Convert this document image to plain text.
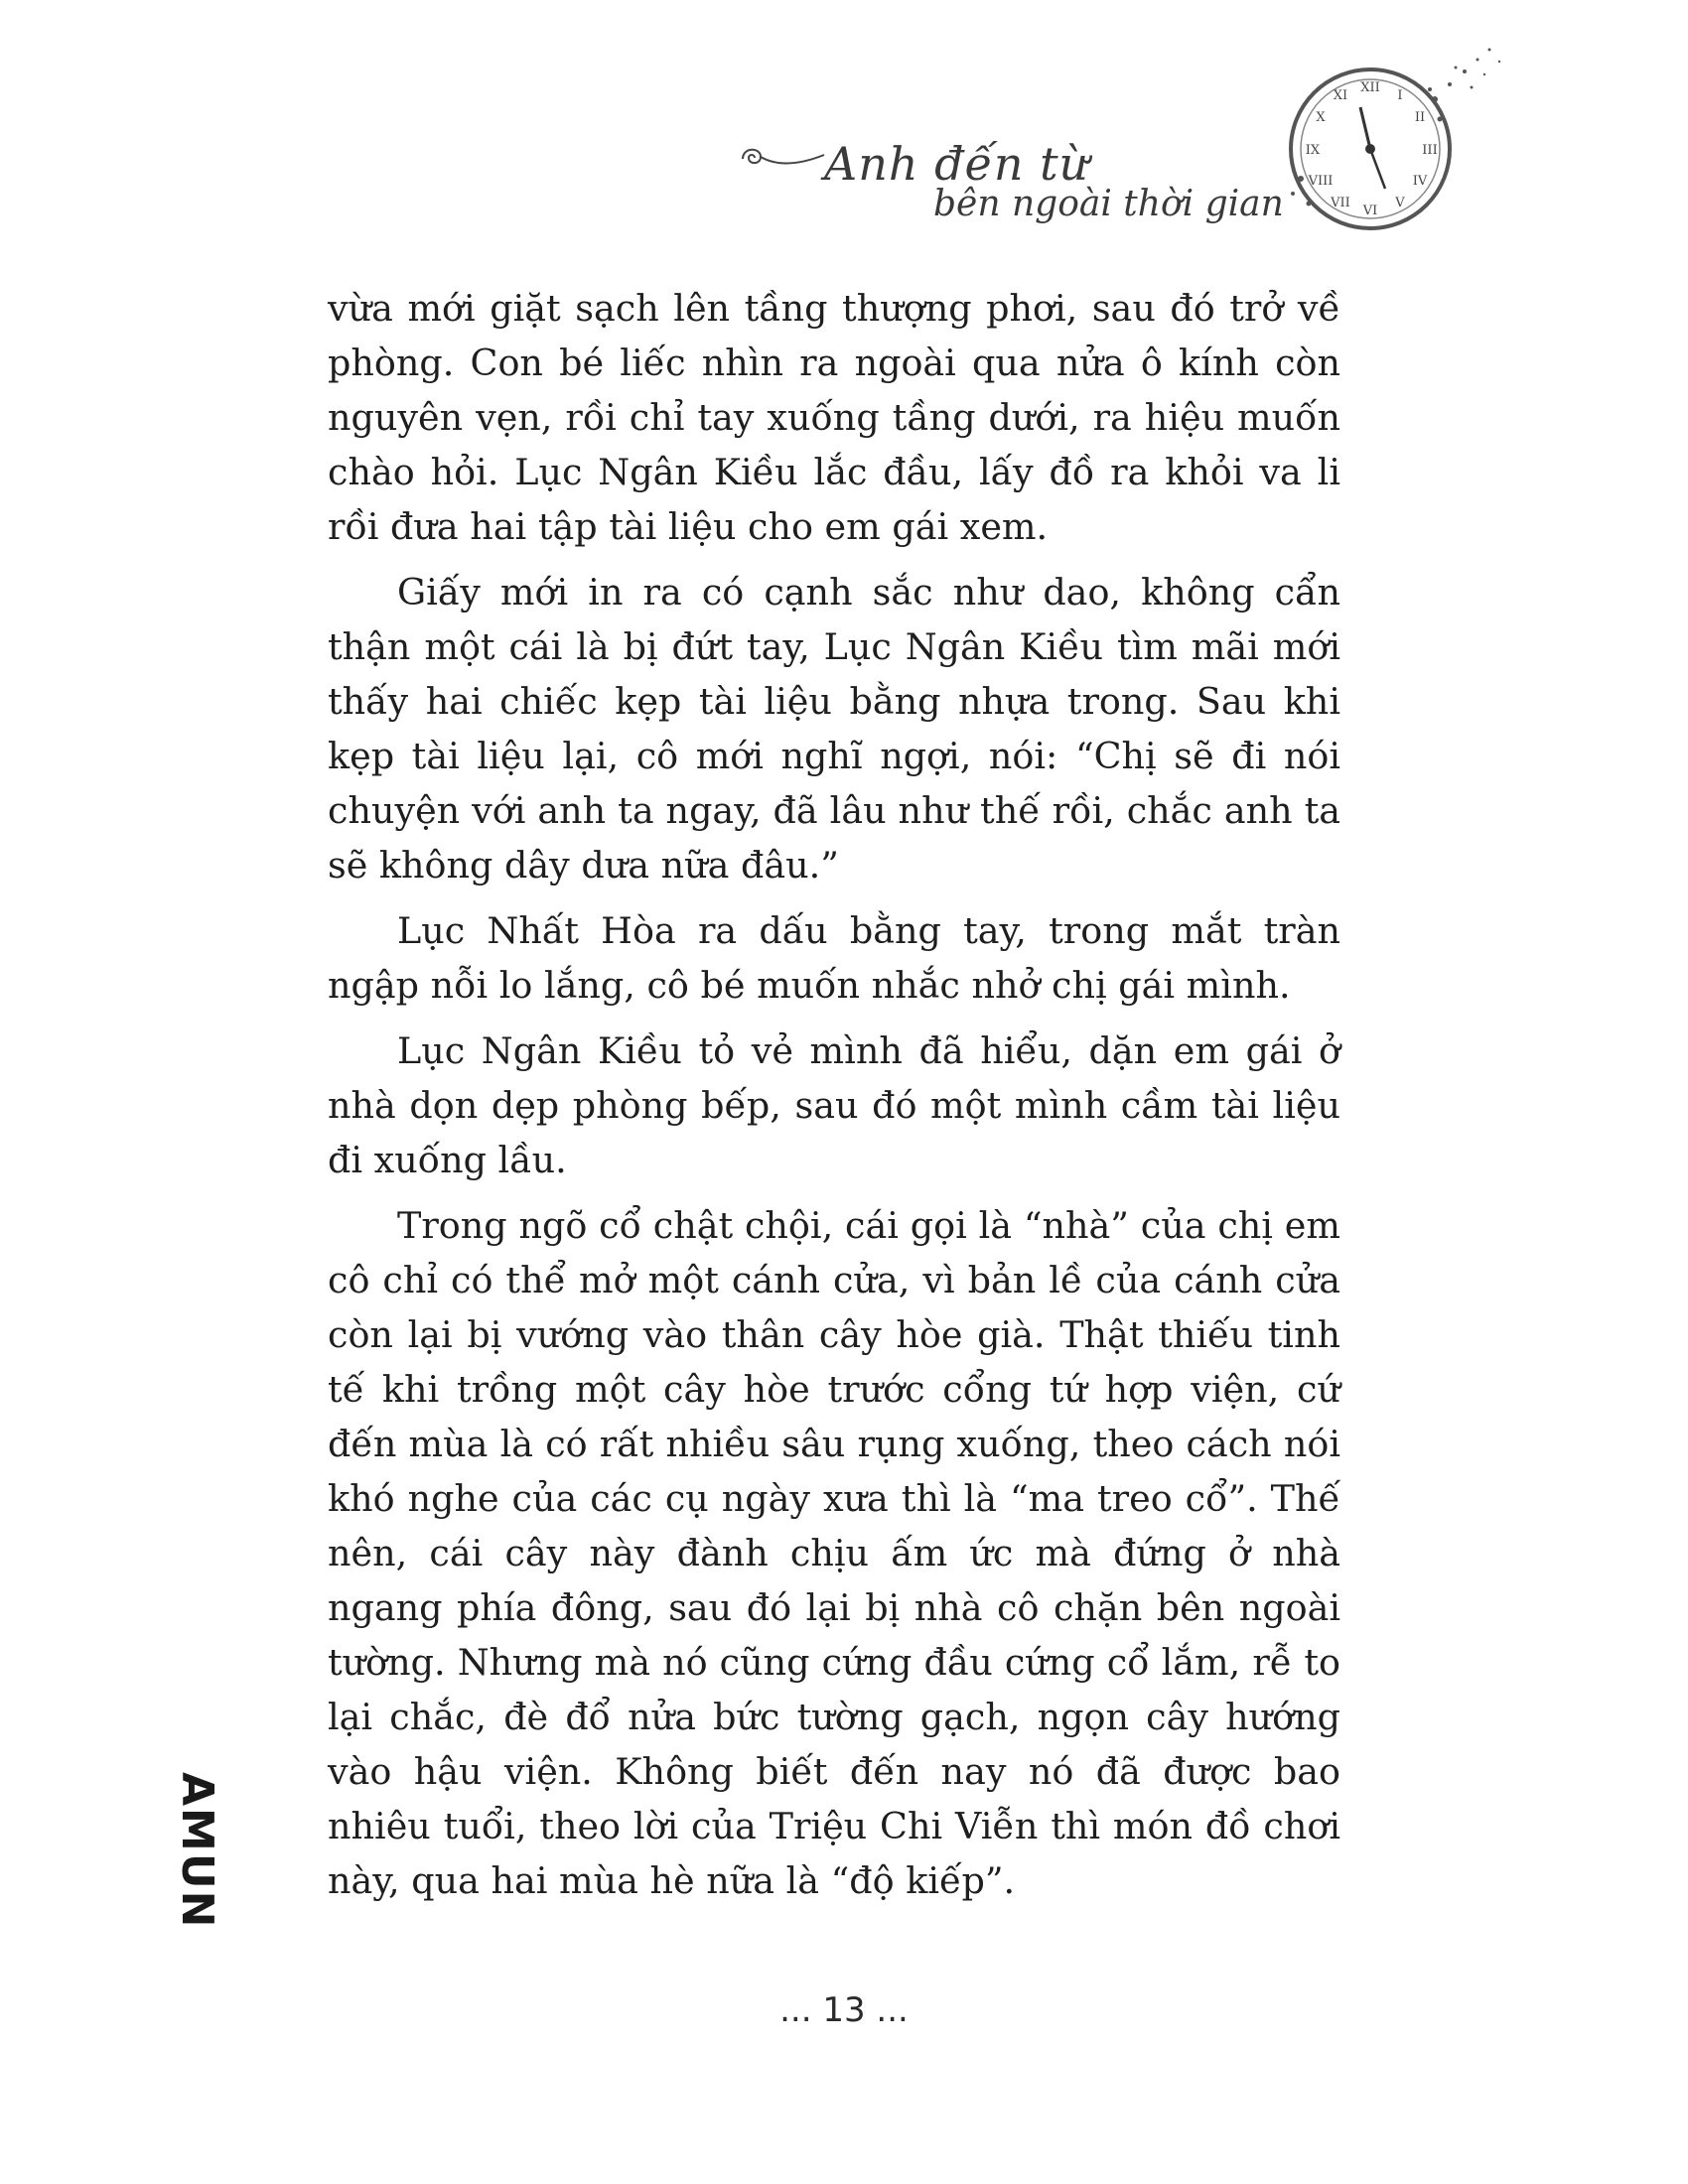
Anh đến từ
bên ngoài thời gian
XII
I
II
III
IV
V
VI
VII
VIII
IX
X
XI

vừa mới giặt sạch lên tầng thượng phơi, sau đó trở về phòng. Con bé liếc nhìn ra ngoài qua nửa ô kính còn nguyên vẹn, rồi chỉ tay xuống tầng dưới, ra hiệu muốn chào hỏi. Lục Ngân Kiều lắc đầu, lấy đồ ra khỏi va li rồi đưa hai tập tài liệu cho em gái xem.

Giấy mới in ra có cạnh sắc như dao, không cẩn thận một cái là bị đứt tay, Lục Ngân Kiều tìm mãi mới thấy hai chiếc kẹp tài liệu bằng nhựa trong. Sau khi kẹp tài liệu lại, cô mới nghĩ ngợi, nói: “Chị sẽ đi nói chuyện với anh ta ngay, đã lâu như thế rồi, chắc anh ta sẽ không dây dưa nữa đâu.”

Lục Nhất Hòa ra dấu bằng tay, trong mắt tràn ngập nỗi lo lắng, cô bé muốn nhắc nhở chị gái mình.

Lục Ngân Kiều tỏ vẻ mình đã hiểu, dặn em gái ở nhà dọn dẹp phòng bếp, sau đó một mình cầm tài liệu đi xuống lầu.

Trong ngõ cổ chật chội, cái gọi là “nhà” của chị em cô chỉ có thể mở một cánh cửa, vì bản lề của cánh cửa còn lại bị vướng vào thân cây hòe già. Thật thiếu tinh tế khi trồng một cây hòe trước cổng tứ hợp viện, cứ đến mùa là có rất nhiều sâu rụng xuống, theo cách nói khó nghe của các cụ ngày xưa thì là “ma treo cổ”. Thế nên, cái cây này đành chịu ấm ức mà đứng ở nhà ngang phía đông, sau đó lại bị nhà cô chặn bên ngoài tường. Nhưng mà nó cũng cứng đầu cứng cổ lắm, rễ to lại chắc, đè đổ nửa bức tường gạch, ngọn cây hướng vào hậu viện. Không biết đến nay nó đã được bao nhiêu tuổi, theo lời của Triệu Chi Viễn thì món đồ chơi này, qua hai mùa hè nữa là “độ kiếp”.

AMUN
... 13 ...
